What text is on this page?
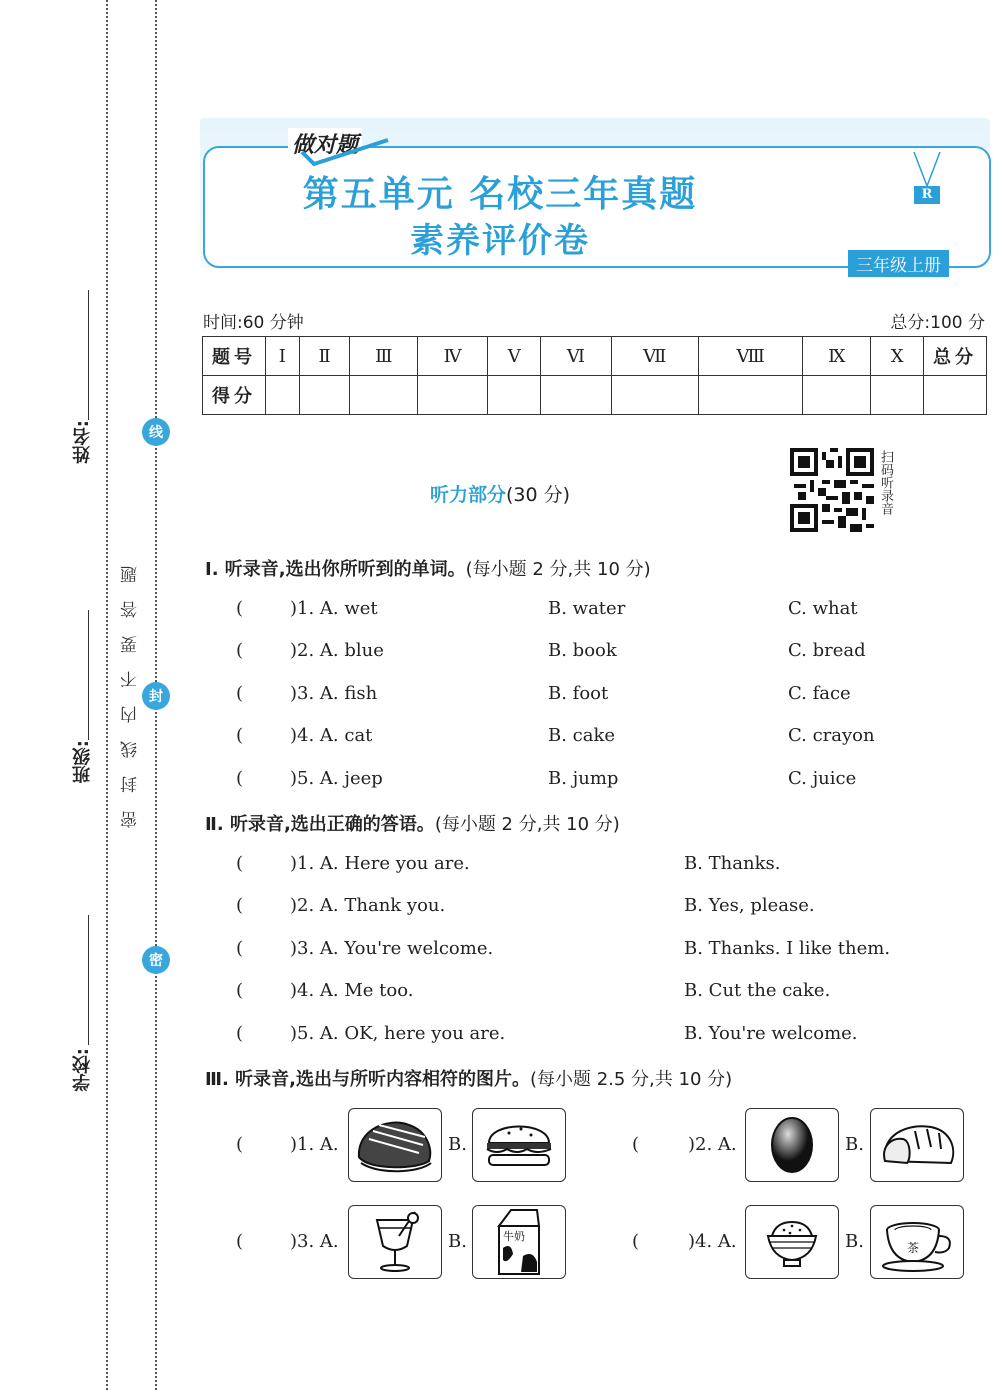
姓名:
班级:
学校:
线
封
密
密封线内不要答题
做对题
第五单元 名校三年真题
素养评价卷
R
三年级上册
时间:60 分钟	总分:100 分
题号	Ⅰ	Ⅱ	Ⅲ	Ⅳ	Ⅴ	Ⅵ	Ⅶ	Ⅷ	Ⅸ	Ⅹ	总分
得分											
听力部分(30 分)	扫码听录音
Ⅰ. 听录音,选出你所听到的单词。(每小题 2 分,共 10 分)
(	)1. A. wet	B. water	C. what
(	)2. A. blue	B. book	C. bread
(	)3. A. fish	B. foot	C. face
(	)4. A. cat	B. cake	C. crayon
(	)5. A. jeep	B. jump	C. juice
Ⅱ. 听录音,选出正确的答语。(每小题 2 分,共 10 分)
(	)1. A. Here you are.	B. Thanks.
(	)2. A. Thank you.	B. Yes, please.
(	)3. A. You're welcome.	B. Thanks. I like them.
(	)4. A. Me too.	B. Cut the cake.
(	)5. A. OK, here you are.	B. You're welcome.
Ⅲ. 听录音,选出与所听内容相符的图片。(每小题 2.5 分,共 10 分)
(	)1. A.	B.	(	)2. A.	B.
(	)3. A.	B.	牛奶	(	)4. A.	B.	茶
